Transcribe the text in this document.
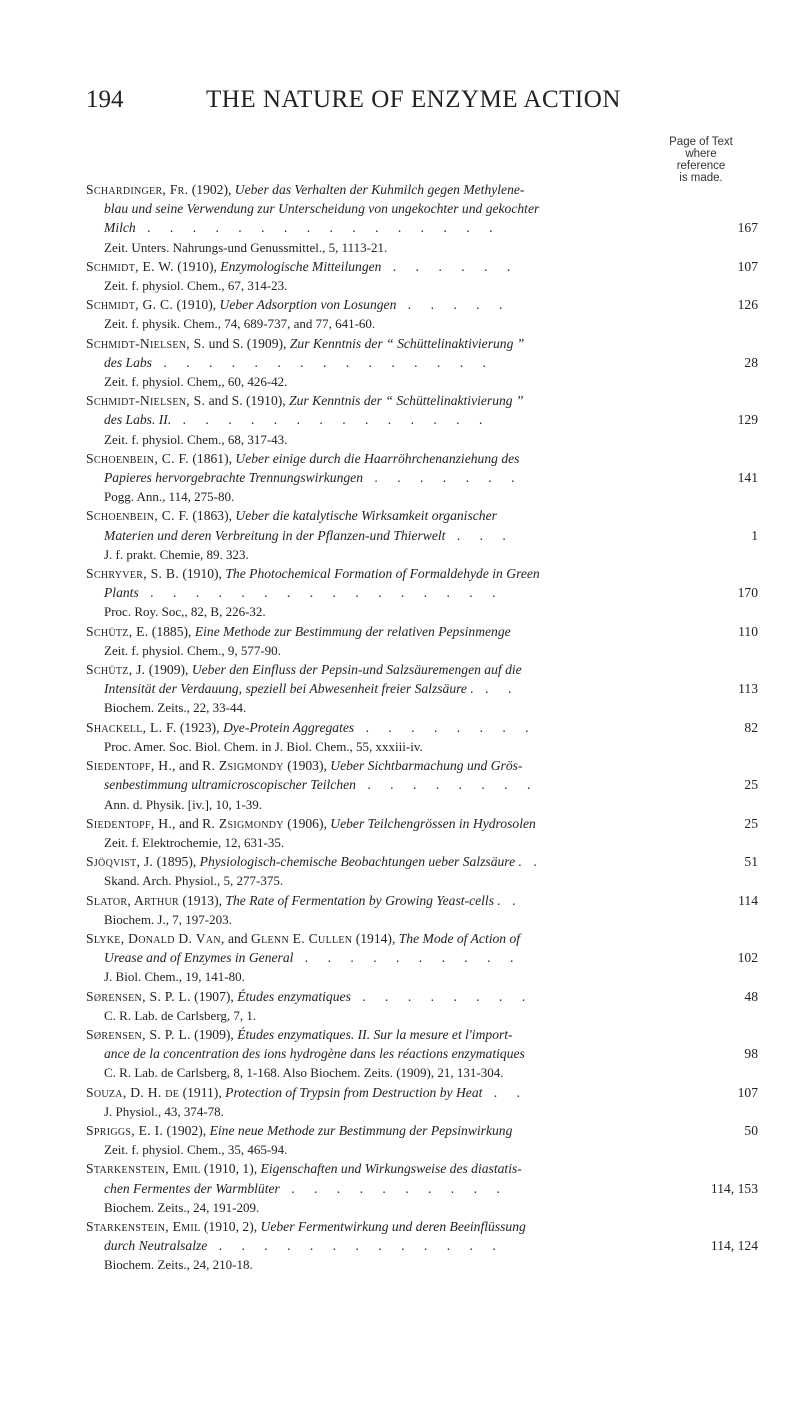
194	THE NATURE OF ENZYME ACTION
Page of Text
where
reference
is made.
Schardinger, Fr. (1902), Ueber das Verhalten der Kuhmilch gegen Methylene-
blau und seine Verwendung zur Unterscheidung von ungekochter und gekochter
Milch . . . . . . . . . . . . . . . .	167
Zeit. Unters. Nahrungs-und Genussmittel., 5, 1113-21.
Schmidt, E. W. (1910), Enzymologische Mitteilungen . . . . . .	107
Zeit. f. physiol. Chem., 67, 314-23.
Schmidt, G. C. (1910), Ueber Adsorption von Losungen . . . . .	126
Zeit. f. physik. Chem., 74, 689-737, and 77, 641-60.
Schmidt-Nielsen, S. und S. (1909), Zur Kenntnis der “ Schüttelinaktivierung ”
des Labs . . . . . . . . . . . . . . .	28
Zeit. f. physiol. Chem,, 60, 426-42.
Schmidt-Nielsen, S. and S. (1910), Zur Kenntnis der “ Schüttelinaktivierung ”
des Labs. II. . . . . . . . . . . . . . .	129
Zeit. f. physiol. Chem., 68, 317-43.
Schoenbein, C. F. (1861), Ueber einige durch die Haarröhrchenanziehung des
Papieres hervorgebrachte Trennungswirkungen . . . . . . .	141
Pogg. Ann., 114, 275-80.
Schoenbein, C. F. (1863), Ueber die katalytische Wirksamkeit organischer
Materien und deren Verbreitung in der Pflanzen-und Thierwelt . . .	1
J. f. prakt. Chemie, 89. 323.
Schryver, S. B. (1910), The Photochemical Formation of Formaldehyde in Green
Plants . . . . . . . . . . . . . . . .	170
Proc. Roy. Soc,, 82, B, 226-32.
Schütz, E. (1885), Eine Methode zur Bestimmung der relativen Pepsinmenge	110
Zeit. f. physiol. Chem., 9, 577-90.
Schütz, J. (1909), Ueber den Einfluss der Pepsin-und Salzsäuremengen auf die
Intensität der Verdauung, speziell bei Abwesenheit freier Salzsäure . . .	113
Biochem. Zeits., 22, 33-44.
Shackell, L. F. (1923), Dye-Protein Aggregates . . . . . . . .	82
Proc. Amer. Soc. Biol. Chem. in J. Biol. Chem., 55, xxxiii-iv.
Siedentopf, H., and R. Zsigmondy (1903), Ueber Sichtbarmachung und Grös-
senbestimmung ultramicroscopischer Teilchen . . . . . . . .	25
Ann. d. Physik. [iv.], 10, 1-39.
Siedentopf, H., and R. Zsigmondy (1906), Ueber Teilchengrössen in Hydrosolen	25
Zeit. f. Elektrochemie, 12, 631-35.
Sjöqvist, J. (1895), Physiologisch-chemische Beobachtungen ueber Salzsäure . .	51
Skand. Arch. Physiol., 5, 277-375.
Slator, Arthur (1913), The Rate of Fermentation by Growing Yeast-cells . .	114
Biochem. J., 7, 197-203.
Slyke, Donald D. Van, and Glenn E. Cullen (1914), The Mode of Action of
Urease and of Enzymes in General . . . . . . . . . .	102
J. Biol. Chem., 19, 141-80.
Sørensen, S. P. L. (1907), Études enzymatiques . . . . . . . .	48
C. R. Lab. de Carlsberg, 7, 1.
Sørensen, S. P. L. (1909), Études enzymatiques. II. Sur la mesure et l'import-
ance de la concentration des ions hydrogène dans les réactions enzymatiques	98
C. R. Lab. de Carlsberg, 8, 1-168. Also Biochem. Zeits. (1909), 21, 131-304.
Souza, D. H. de (1911), Protection of Trypsin from Destruction by Heat . .	107
J. Physiol., 43, 374-78.
Spriggs, E. I. (1902), Eine neue Methode zur Bestimmung der Pepsinwirkung	50
Zeit. f. physiol. Chem., 35, 465-94.
Starkenstein, Emil (1910, 1), Eigenschaften und Wirkungsweise des diastatis-
chen Fermentes der Warmblüter . . . . . . . . . .	114, 153
Biochem. Zeits., 24, 191-209.
Starkenstein, Emil (1910, 2), Ueber Fermentwirkung und deren Beeinflüssung
durch Neutralsalze . . . . . . . . . . . . .	114, 124
Biochem. Zeits., 24, 210-18.
